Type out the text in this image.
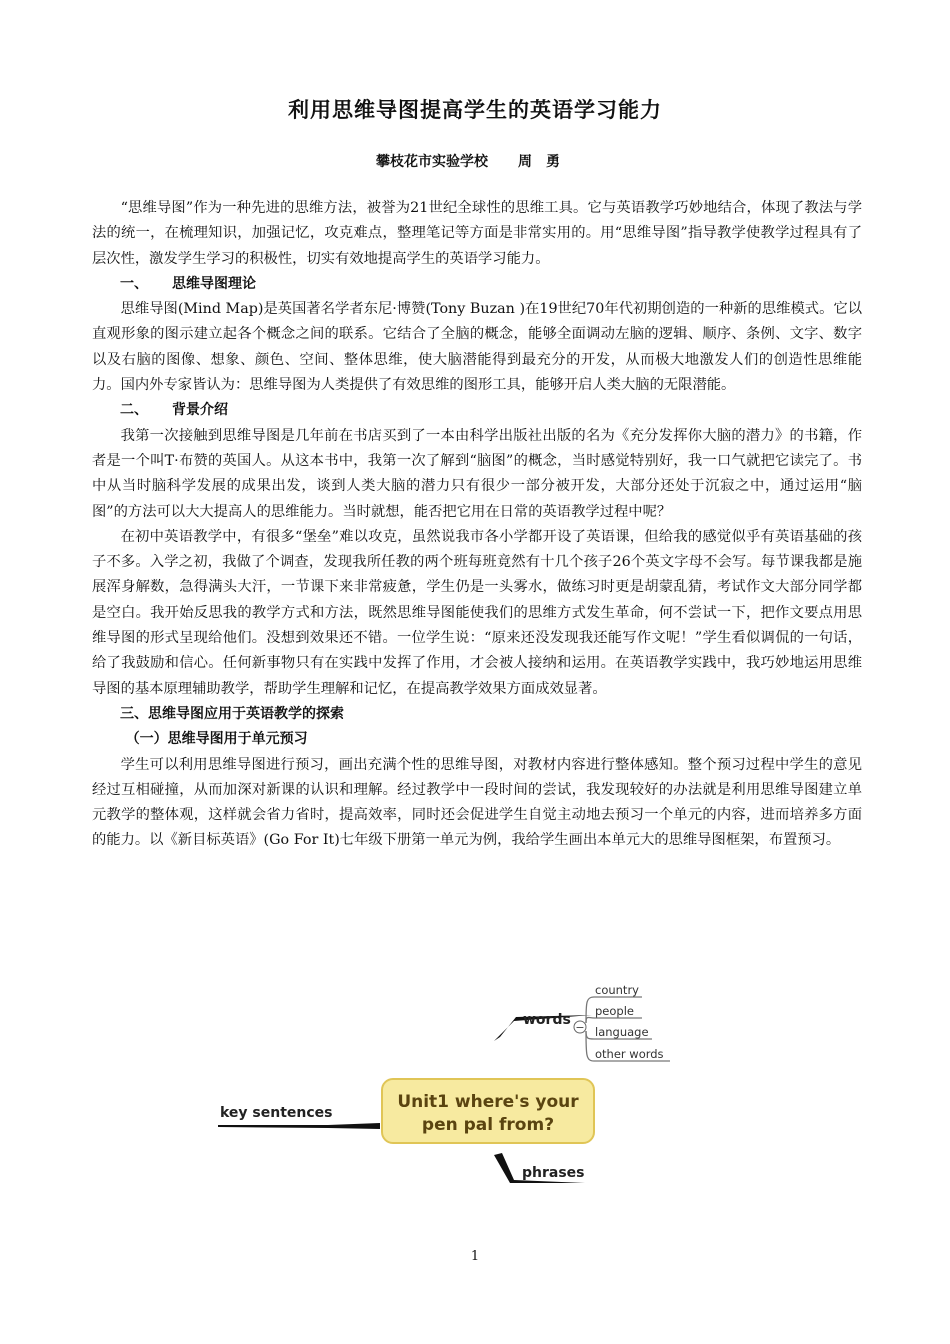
利用思维导图提高学生的英语学习能力
攀枝花市实验学校 周勇

“思维导图”作为一种先进的思维方法，被誉为21世纪全球性的思维工具。它与英语教学巧妙地结合，体现了教法与学法的统一，在梳理知识，加强记忆，攻克难点，整理笔记等方面是非常实用的。用“思维导图”指导教学使教学过程具有了层次性，激发学生学习的积极性，切实有效地提高学生的英语学习能力。

一、 思维导图理论

思维导图(Mind Map)是英国著名学者东尼·博赞(Tony Buzan )在19世纪70年代初期创造的一种新的思维模式。它以直观形象的图示建立起各个概念之间的联系。它结合了全脑的概念，能够全面调动左脑的逻辑、顺序、条例、文字、数字以及右脑的图像、想象、颜色、空间、整体思维，使大脑潜能得到最充分的开发，从而极大地激发人们的创造性思维能力。国内外专家皆认为：思维导图为人类提供了有效思维的图形工具，能够开启人类大脑的无限潜能。

二、 背景介绍

我第一次接触到思维导图是几年前在书店买到了一本由科学出版社出版的名为《充分发挥你大脑的潜力》的书籍，作者是一个叫T·布赞的英国人。从这本书中，我第一次了解到“脑图”的概念，当时感觉特别好，我一口气就把它读完了。书中从当时脑科学发展的成果出发，谈到人类大脑的潜力只有很少一部分被开发，大部分还处于沉寂之中，通过运用“脑图”的方法可以大大提高人的思维能力。当时就想，能否把它用在日常的英语教学过程中呢？

在初中英语教学中，有很多“堡垒”难以攻克，虽然说我市各小学都开设了英语课，但给我的感觉似乎有英语基础的孩子不多。入学之初，我做了个调查，发现我所任教的两个班每班竟然有十几个孩子26个英文字母不会写。每节课我都是施展浑身解数，急得满头大汗，一节课下来非常疲惫，学生仍是一头雾水，做练习时更是胡蒙乱猜，考试作文大部分同学都是空白。我开始反思我的教学方式和方法，既然思维导图能使我们的思维方式发生革命，何不尝试一下，把作文要点用思维导图的形式呈现给他们。没想到效果还不错。一位学生说：“原来还没发现我还能写作文呢！”学生看似调侃的一句话，给了我鼓励和信心。任何新事物只有在实践中发挥了作用，才会被人接纳和运用。在英语教学实践中，我巧妙地运用思维导图的基本原理辅助教学，帮助学生理解和记忆，在提高教学效果方面成效显著。

三、思维导图应用于英语教学的探索
（一）思维导图用于单元预习

学生可以利用思维导图进行预习，画出充满个性的思维导图，对教材内容进行整体感知。整个预习过程中学生的意见经过互相碰撞，从而加深对新课的认识和理解。经过教学中一段时间的尝试，我发现较好的办法就是利用思维导图建立单元教学的整体观，这样就会省力省时，提高效率，同时还会促进学生自觉主动地去预习一个单元的内容，进而培养多方面的能力。以《新目标英语》(Go For It)七年级下册第一单元为例，我给学生画出本单元大的思维导图框架，布置预习。

−
Unit1 where's your
pen pal from?
words
key sentences
phrases
country
people
language
other words
1
